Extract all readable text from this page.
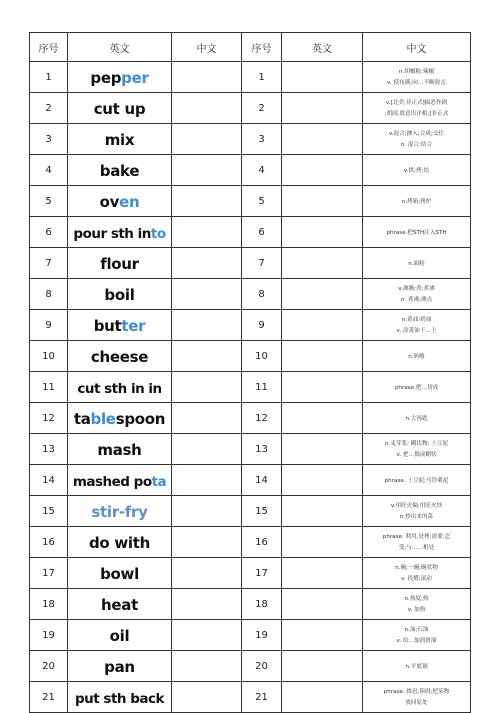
序号	英文	中文	序号	英文	中文
1	pepper		1		n.胡椒粉;辣椒
v. 使布满;向…不断射击

2	cut up		2		v.[北美,非正式]搞恶作剧
;胡闹,故意出洋相;[非正式

3	mix		3		v.混合;掺入;合成;交往
n. 混合;结合

4	bake		4		v.烘;烤;焙

5	oven		5		n.烤箱;烤炉

6	pour sth into		6		phrase.把STH注入STH

7	flour		7		n.面粉

8	boil		8		v.沸腾;煮;煮沸
n. 煮沸;沸点

9	butter		9		n.黄油;奶油
v. 涂黄油于…上

10	cheese		10		n.奶酪

11	cut sth in in		11		phrase.把…切成

12	tablespoon		12		n.大汤匙

13	mash		13		n.麦芽浆; 糊状物; 土豆泥
v. 把…捣成糊状

14	mashed pota		14		phrase. 土豆泥;马铃薯泥

15	stir-fry		15		v.用旺火煸;用旺火炒
n.炒出来的菜

16	do with		16		phrase. 利用,处理;需要;忍
受;与……相处

17	bowl		17		n.碗;一碗;碗状物
v. 投掷;滚动

18	heat		18		n.热度;热
v. 加热

19	oil		19		n.油;石油
v. 给…加润滑油

20	pan		20		n.平底锅

21	put sth back		21		phrase. 推迟;阻碍;把某物
放回原处
